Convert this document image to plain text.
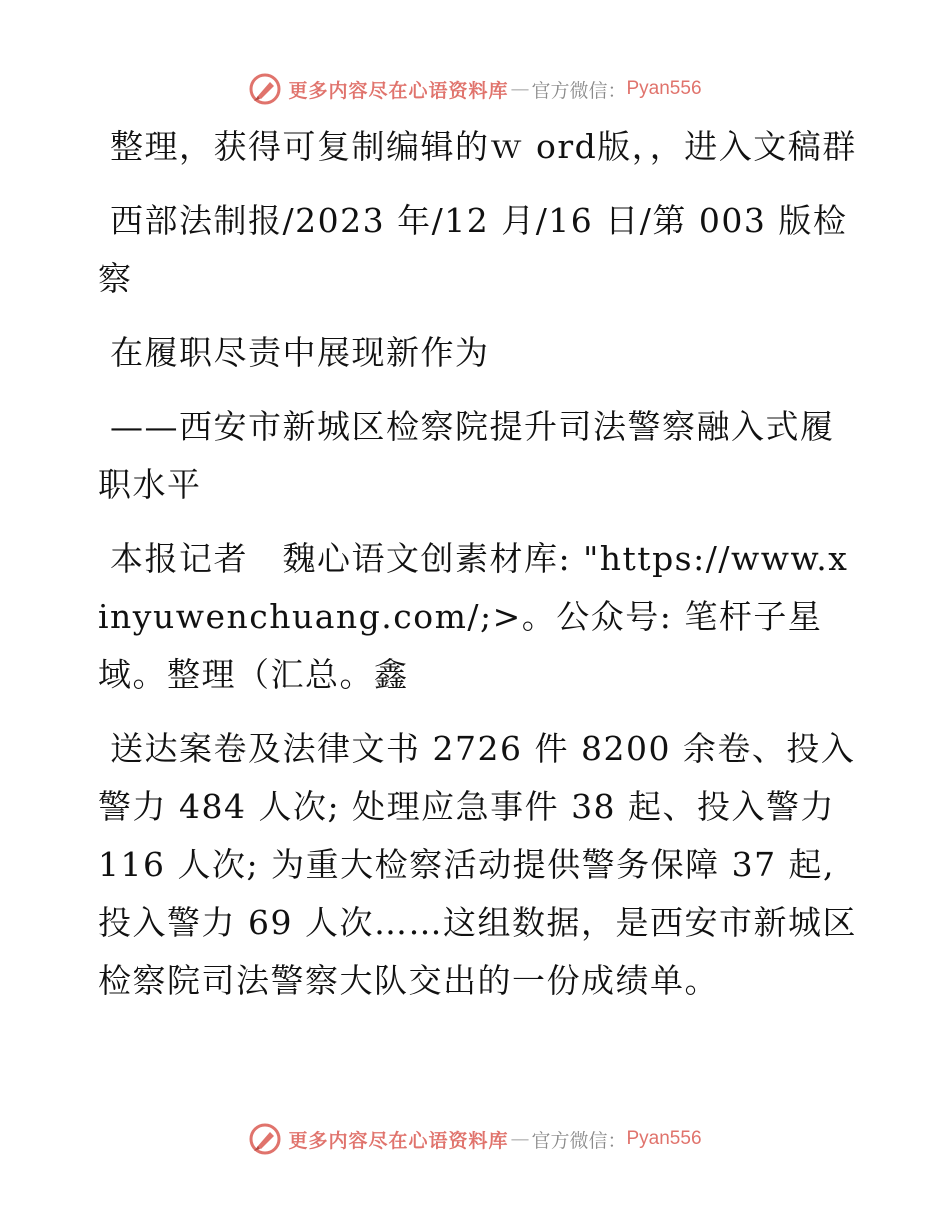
更多内容尽在心语资料库 — 官方微信： Pyan556

整理，获得可复制编辑的ｗ ord版，，进入文稿群

西部法制报/2023 年/12 月/16 日/第 003 版检察

在履职尽责中展现新作为

——西安市新城区检察院提升司法警察融入式履职水平

本报记者　魏心语文创素材库: "https://www.xinyuwenchuang.com/;>。公众号: 笔杆子星域。整理（汇总。鑫

送达案卷及法律文书 2726 件 8200 余卷、投入警力 484 人次; 处理应急事件 38 起、投入警力 116 人次; 为重大检察活动提供警务保障 37 起, 投入警力 69 人次……这组数据，是西安市新城区检察院司法警察大队交出的一份成绩单。

更多内容尽在心语资料库 — 官方微信： Pyan556
